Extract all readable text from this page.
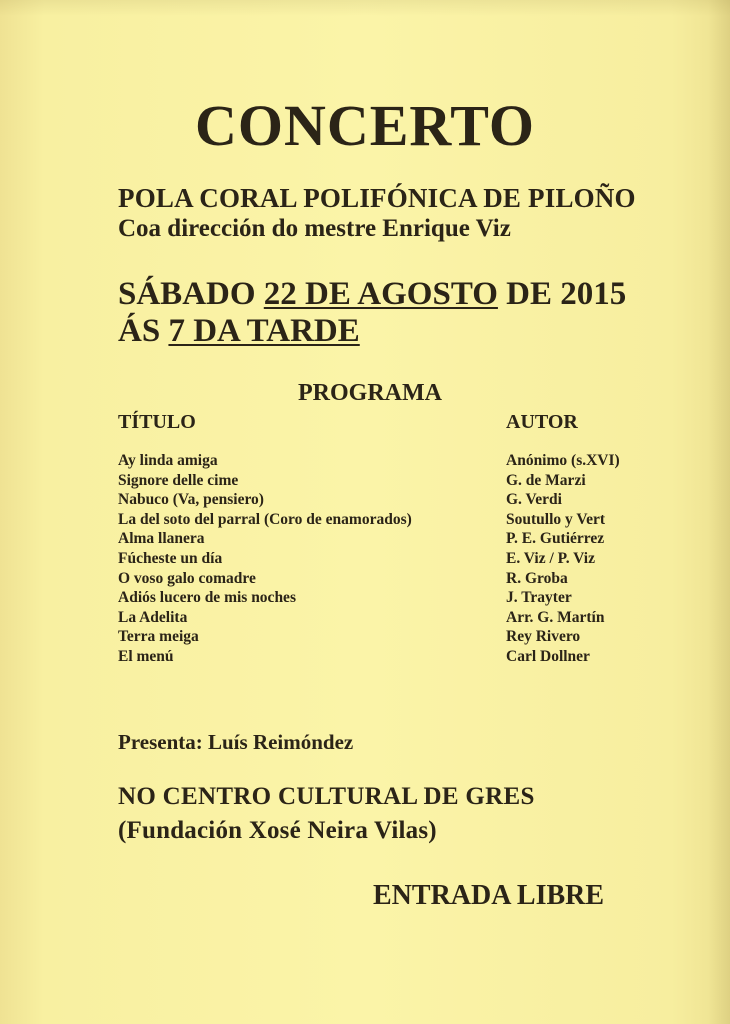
CONCERTO
POLA CORAL POLIFÓNICA DE PILOÑO
Coa dirección do mestre Enrique Viz
SÁBADO 22 DE AGOSTO DE 2015
ÁS 7 DA TARDE
PROGRAMA
TÍTULO	AUTOR
Ay linda amiga	Anónimo (s.XVI)
Signore delle cime	G. de Marzi
Nabuco (Va, pensiero)	G. Verdi
La del soto del parral (Coro de enamorados)	Soutullo y Vert
Alma llanera	P. E. Gutiérrez
Fúcheste un día	E. Viz / P. Viz
O voso galo comadre	R. Groba
Adiós lucero de mis noches	J. Trayter
La Adelita	Arr. G. Martín
Terra meiga	Rey Rivero
El menú	Carl Dollner
Presenta: Luís Reimóndez
NO CENTRO CULTURAL DE GRES
(Fundación Xosé Neira Vilas)
ENTRADA LIBRE
